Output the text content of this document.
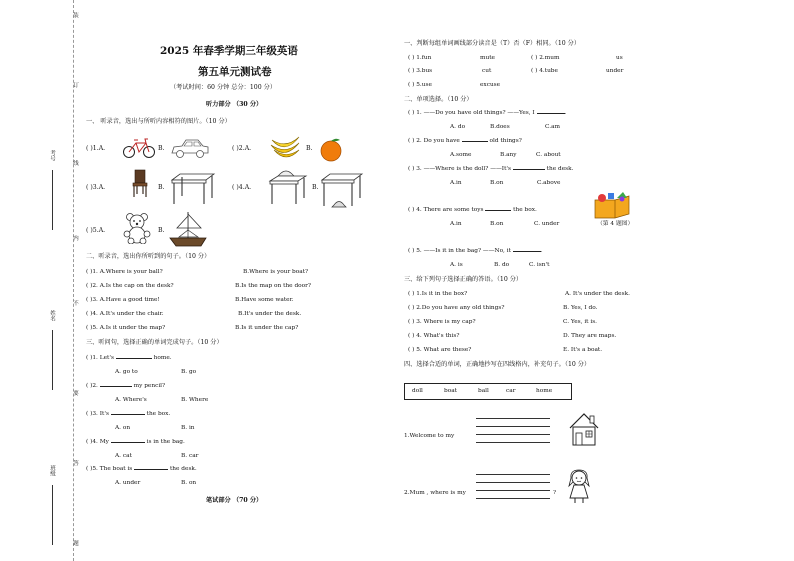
考号
姓名
班级
装
订
线
内
不
要
答
题
2025 年春季学期三年级英语
第五单元测试卷
（考试时间：60 分钟 总分：100 分）
听力部分 （30 分）
一、 听录音，选出与所听内容相符的图片。（10 分）
( )1.A.	B.	( )2.A.	B.
( )3.A.	B.	( )4.A.	B.
( )5.A.	B.
二、听录音，选出你所听到的句子。（10 分）
( )1. A.Where is your ball?	B.Where is your boat?
( )2. A.Is the cap on the desk?	B.Is the map on the door?
( )3. A.Have a good time!	B.Have some water.
( )4. A.It's under the chair.	B.It's under the desk.
( )5. A.Is it under the map?	B.Is it under the cap?
三、听问句，选择正确的单词完成句子。（10 分）
( )1. Let's	home.
A. go to	B. go
( )2.	my pencil?
A. Where's	B. Where
( )3. It's	the box.
A. on	B. in
( )4. My	is in the bag.
A. cat	B. car
( )5. The boat is	the desk.
A. under	B. on
笔试部分 （70 分）
一、判断每组单词画线部分读音是（T）否（F）相同。（10 分）
( ) 1.fun	mute	( ) 2.mum	us
( ) 3.bus	cut	( ) 4.tube	under
( ) 5.use	excuse
二、单项选择。（10 分）
( ) 1. ——Do you have old things? ——Yes, I	.
A. do	B.does	C.am
( ) 2. Do you have	old things?
A.some	B.any	C. about
( ) 3. ——Where is the doll? ——It's	the desk.
A.in	B.on	C.above
( ) 4. There are some toys	the box.
（第 4 题图）
A.in	B.on	C. under
( ) 5. ——Is it in the bag? ——No, it	.
A. is	B. do	C. isn't
三、给下列句子选择正确的答语。（10 分）
( ) 1.Is it in the box?	A. It's under the desk.
( ) 2.Do you have any old things?	B. Yes, I do.
( ) 3. Where is my cap?	C. Yes, it is.
( ) 4. What's this?	D. They are maps.
( ) 5. What are these?	E. It's a boat.
四、选择合适的单词，正确地抄写在四线格内，补充句子。（10 分）
doll	boat	ball	car	home
1.Welcome to my
2.Mum , where is my	?
